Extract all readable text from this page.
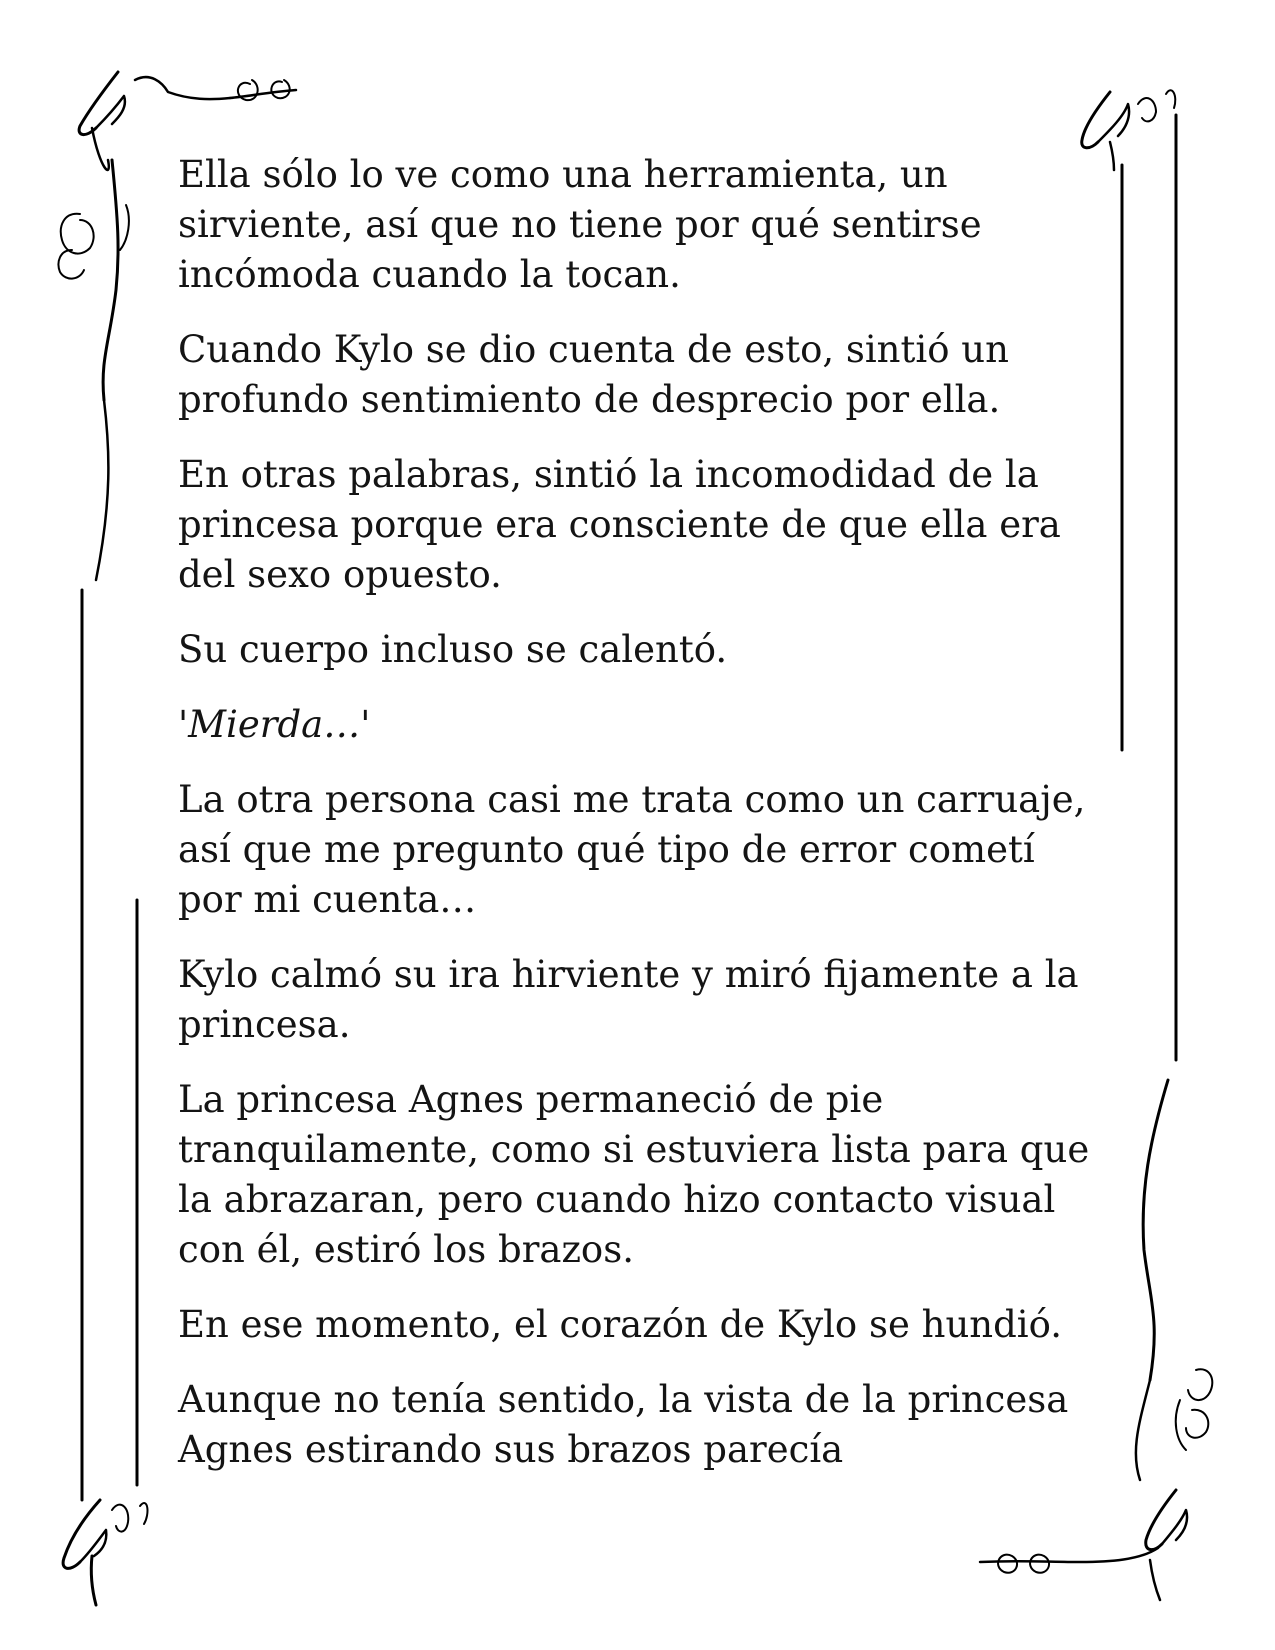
Ella sólo lo ve como una herramienta, un sirviente, así que no tiene por qué sentirse incómoda cuando la tocan.

Cuando Kylo se dio cuenta de esto, sintió un profundo sentimiento de desprecio por ella.

En otras palabras, sintió la incomodidad de la princesa porque era consciente de que ella era del sexo opuesto.

Su cuerpo incluso se calentó.

'Mierda…'

La otra persona casi me trata como un carruaje, así que me pregunto qué tipo de error cometí por mi cuenta…

Kylo calmó su ira hirviente y miró fijamente a la princesa.

La princesa Agnes permaneció de pie tranquilamente, como si estuviera lista para que la abrazaran, pero cuando hizo contacto visual con él, estiró los brazos.

En ese momento, el corazón de Kylo se hundió.

Aunque no tenía sentido, la vista de la princesa Agnes estirando sus brazos parecía
